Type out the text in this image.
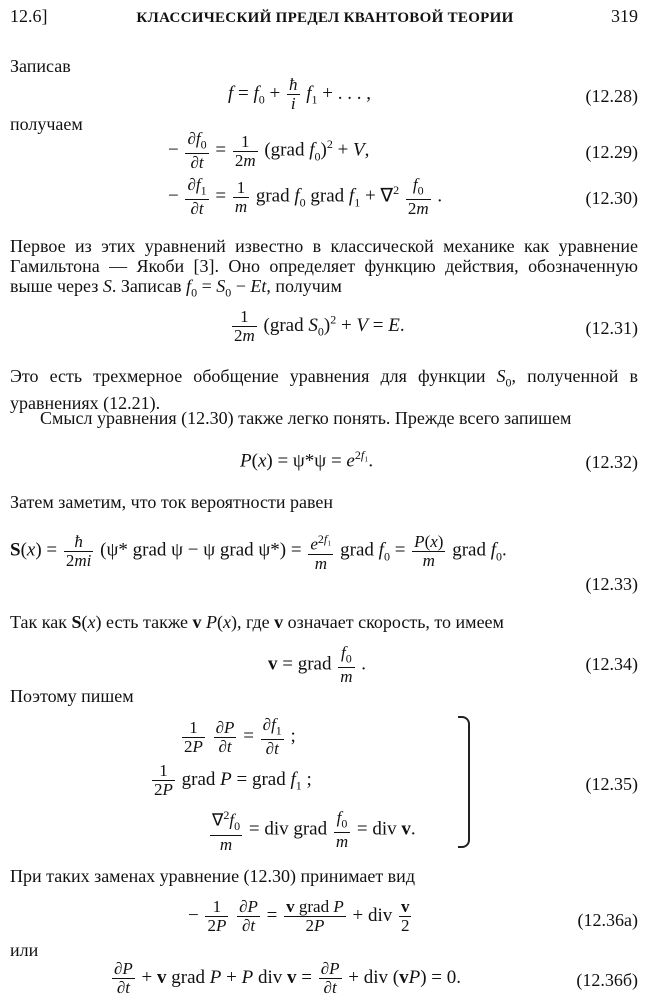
12.6]	КЛАССИЧЕСКИЙ ПРЕДЕЛ КВАНТОВОЙ ТЕОРИИ	319
Записав
$f = f_0 + \frac{ħ}{i} f_1$ + . . . ,	(12.28)
получаем
− $\frac{\partial f_0}{\partial t} = \frac{1}{2m}$ (grad $f_0)^2 + V$,	(12.29)
− $\frac{\partial f_1}{\partial t} = \frac{1}{m}$ grad $f_0$ grad $f_1 + \nabla^2 \frac{f_0}{2m}$ .	(12.30)
Первое из этих уравнений известно в классической механике как уравнение Гамильтона — Якоби [3]. Оно определяет функцию действия, обозначенную выше через S. Записав $f_0 = S_0 - Et$, получим
$\frac{1}{2m}$ (grad $S_0)^2 + V = E$.	(12.31)
Это есть трехмерное обобщение уравнения для функции $S_0$, полученной в уравнениях (12.21).
Смысл уравнения (12.30) также легко понять. Прежде всего запишем
$P(x) = \psi*\psi = e^{2f_1}$.	(12.32)
Затем заметим, что ток вероятности равен
$S(x) = \frac{ħ}{2mi} (\psi*$ grad ψ − ψ grad $\psi*) = \frac{e^{2f_1}}{m}$ grad $f_0 = \frac{P(x)}{m}$ grad $f_0$.
(12.33)
Так как S(x) есть также v P(x), где v означает скорость, то имеем
v = grad $\frac{f_0}{m}$ .	(12.34)
Поэтому пишем
$\frac{1}{2P}$
$\frac{\partial P}{\partial t} = \frac{\partial f_1}{\partial t}$ ;
$\frac{1}{2P}$ grad P = grad $f_1$ ;
$\frac{\nabla^2f_0}{m}$ = div grad $\frac{f_0}{m}$ = div v.
(12.35)
При таких заменах уравнение (12.30) принимает вид
− $\frac{1}{2P}$
$\frac{\partial P}{\partial t} = v$ grad P
2P	+ div $\frac{v}{2}$	(12.36а)
или
$\frac{\partial P}{\partial t} + v$ grad P + P div $v = \frac{\partial P}{\partial t}$ + div (vP) = 0.	(12.36б)
